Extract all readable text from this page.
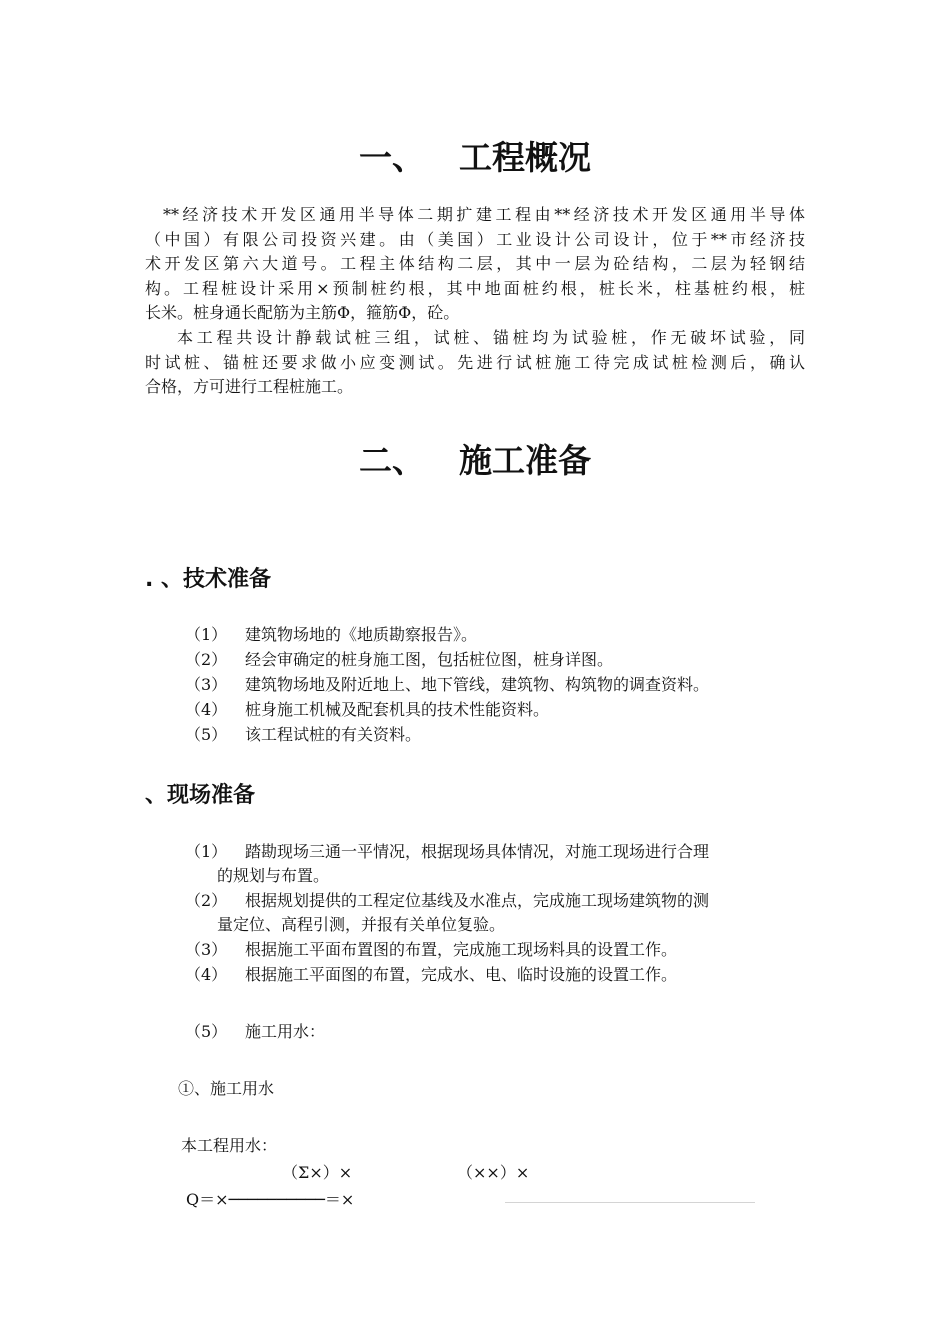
一、 工程概况
**经济技术开发区通用半导体二期扩建工程由**经济技术开发区通用半导体
（中国）有限公司投资兴建。由（美国）工业设计公司设计，位于**市经济技
术开发区第六大道号。工程主体结构二层，其中一层为砼结构，二层为轻钢结
构。工程桩设计采用×预制桩约根，其中地面桩约根，桩长米，柱基桩约根，桩
长米。桩身通长配筋为主筋Φ，箍筋Φ，砼。
本工程共设计静载试桩三组，试桩、锚桩均为试验桩，作无破坏试验，同
时试桩、锚桩还要求做小应变测试。先进行试桩施工待完成试桩检测后，确认
合格，方可进行工程桩施工。
二、 施工准备
. 、技术准备
（1） 建筑物场地的《地质勘察报告》。
（2） 经会审确定的桩身施工图，包括桩位图，桩身详图。
（3） 建筑物场地及附近地上、地下管线，建筑物、构筑物的调查资料。
（4） 桩身施工机械及配套机具的技术性能资料。
（5） 该工程试桩的有关资料。
、现场准备
（1） 踏勘现场三通一平情况，根据现场具体情况，对施工现场进行合理
的规划与布置。
（2） 根据规划提供的工程定位基线及水准点，完成施工现场建筑物的测
量定位、高程引测，并报有关单位复验。
（3） 根据施工平面布置图的布置，完成施工现场料具的设置工作。
（4） 根据施工平面图的布置，完成水、电、临时设施的设置工作。
（5） 施工用水：
①、施工用水
本工程用水：
（Σ×）×	（××）×
Q＝×──────────＝×
